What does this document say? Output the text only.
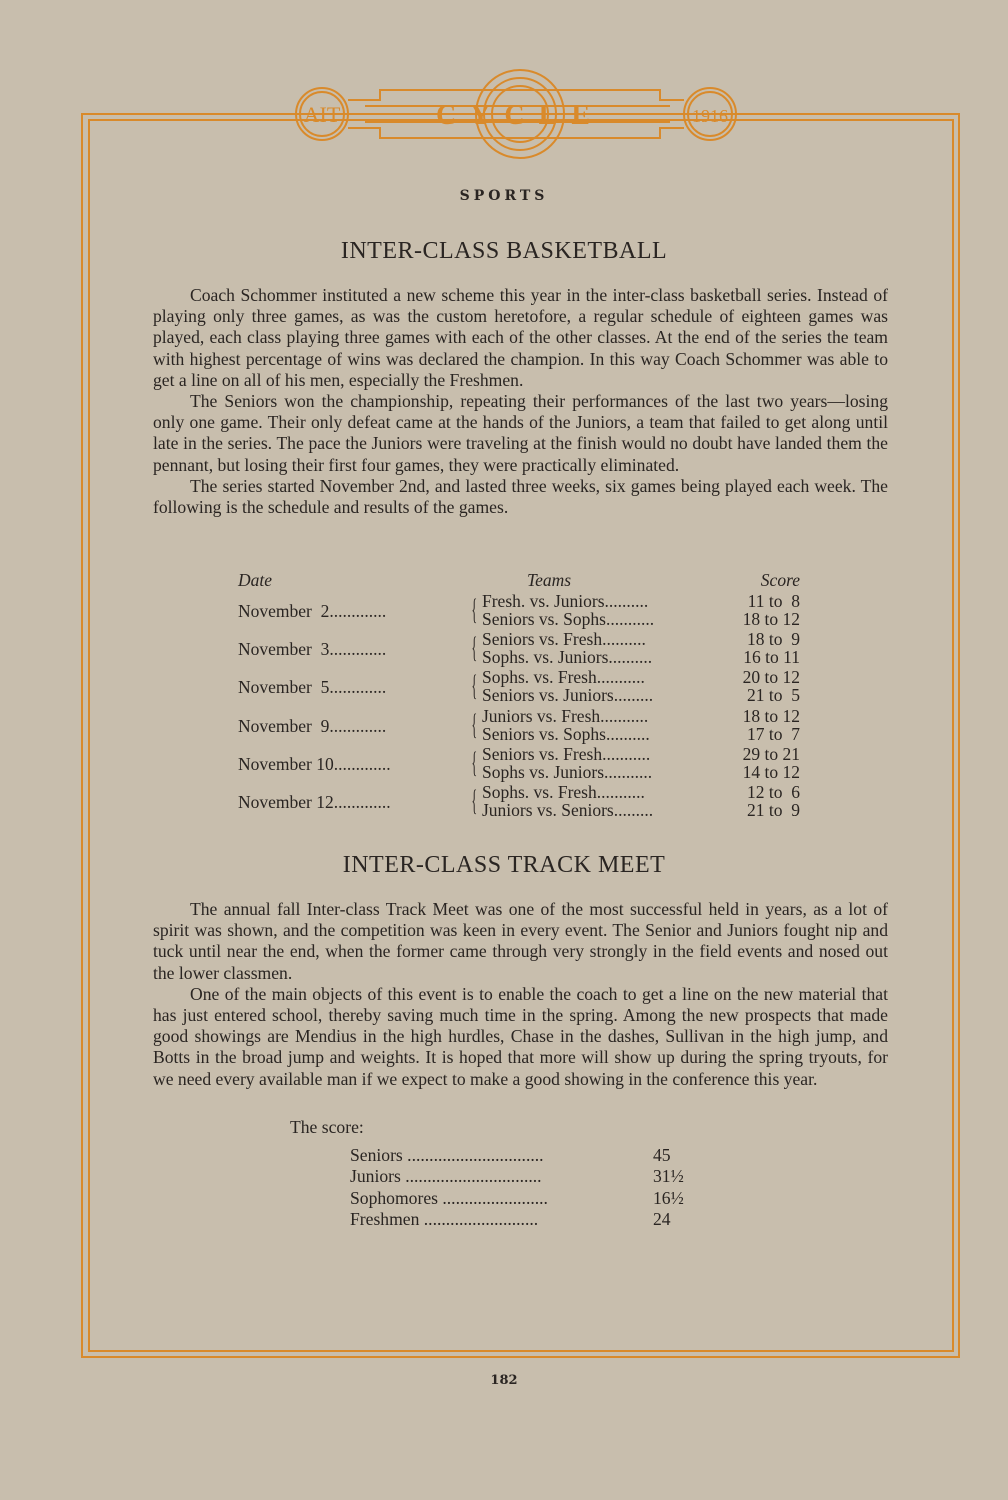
AIT	CYCLE	1916
SPORTS
INTER-CLASS BASKETBALL

Coach Schommer instituted a new scheme this year in the inter-class basketball series. Instead of playing only three games, as was the custom heretofore, a regular schedule of eighteen games was played, each class playing three games with each of the other classes. At the end of the series the team with highest percentage of wins was declared the champion. In this way Coach Schommer was able to get a line on all of his men, especially the Freshmen.

The Seniors won the championship, repeating their performances of the last two years—losing only one game. Their only defeat came at the hands of the Juniors, a team that failed to get along until late in the series. The pace the Juniors were traveling at the finish would no doubt have landed them the pennant, but losing their first four games, they were practically eliminated.

The series started November 2nd, and lasted three weeks, six games being played each week. The following is the schedule and results of the games.

Date	Teams	Score
November  2.............	{ Fresh. vs. Juniors..........	11 to  8
Seniors vs. Sophs...........	18 to 12
November  3.............	{ Seniors vs. Fresh..........	18 to  9
Sophs. vs. Juniors..........	16 to 11
November  5.............	{ Sophs. vs. Fresh...........	20 to 12
Seniors vs. Juniors.........	21 to  5
November  9.............	{ Juniors vs. Fresh...........	18 to 12
Seniors vs. Sophs..........	17 to  7
November 10.............	{ Seniors vs. Fresh...........	29 to 21
Sophs vs. Juniors...........	14 to 12
November 12.............	{ Sophs. vs. Fresh...........	12 to  6
Juniors vs. Seniors.........	21 to  9
INTER-CLASS TRACK MEET

The annual fall Inter-class Track Meet was one of the most successful held in years, as a lot of spirit was shown, and the competition was keen in every event. The Senior and Juniors fought nip and tuck until near the end, when the former came through very strongly in the field events and nosed out the lower classmen.

One of the main objects of this event is to enable the coach to get a line on the new material that has just entered school, thereby saving much time in the spring. Among the new prospects that made good showings are Mendius in the high hurdles, Chase in the dashes, Sullivan in the high jump, and Botts in the broad jump and weights. It is hoped that more will show up during the spring tryouts, for we need every available man if we expect to make a good showing in the conference this year.

The score:
Seniors ...............................	45
Juniors ...............................	31½
Sophomores ........................	16½
Freshmen ..........................	24
182
